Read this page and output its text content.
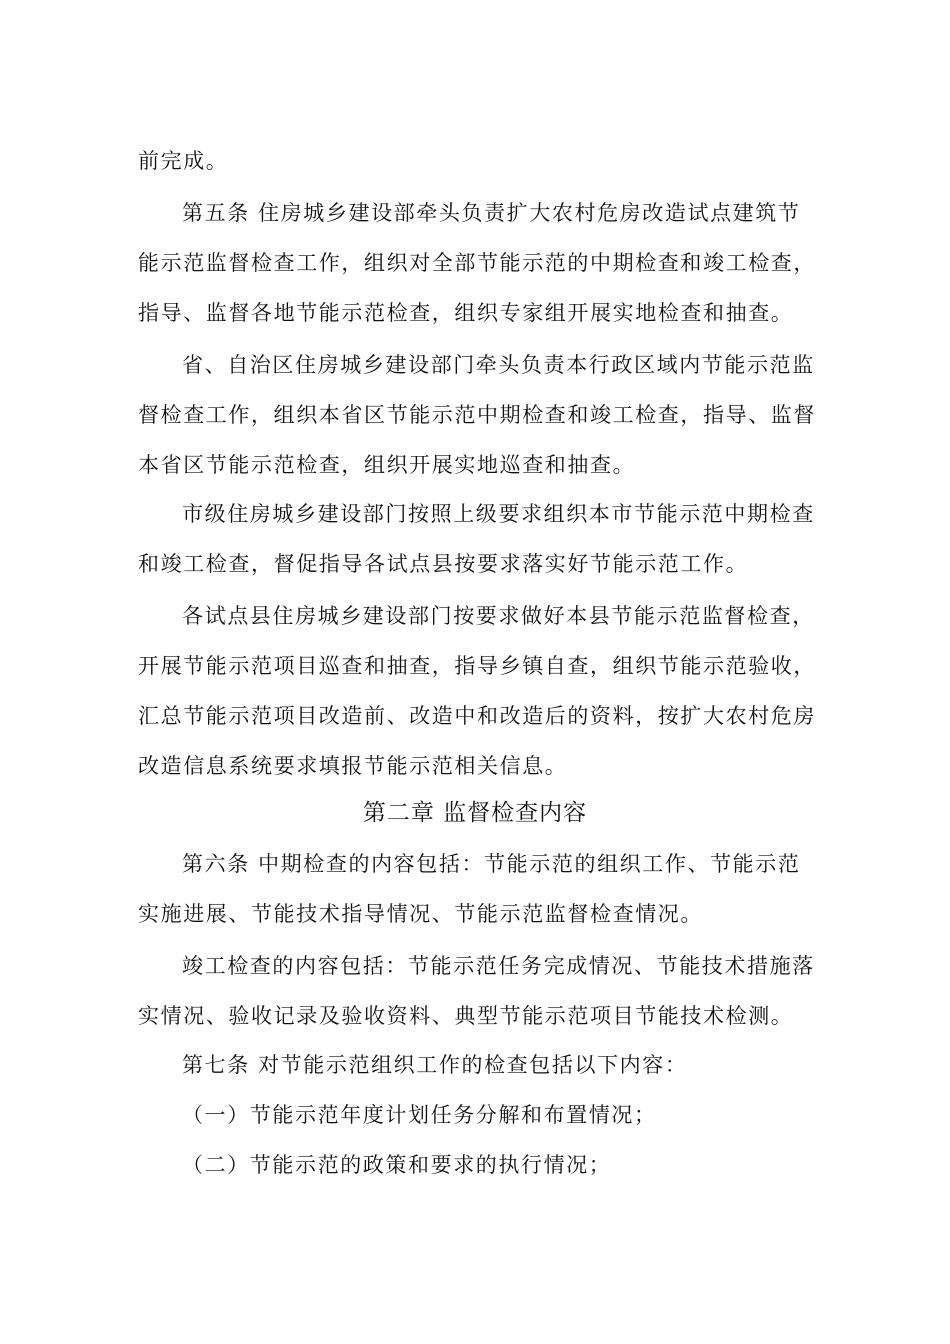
前完成。
第五条 住房城乡建设部牵头负责扩大农村危房改造试点建筑节
能示范监督检查工作，组织对全部节能示范的中期检查和竣工检查，
指导、监督各地节能示范检查，组织专家组开展实地检查和抽查。
省、自治区住房城乡建设部门牵头负责本行政区域内节能示范监
督检查工作，组织本省区节能示范中期检查和竣工检查，指导、监督
本省区节能示范检查，组织开展实地巡查和抽查。
市级住房城乡建设部门按照上级要求组织本市节能示范中期检查
和竣工检查，督促指导各试点县按要求落实好节能示范工作。
各试点县住房城乡建设部门按要求做好本县节能示范监督检查，
开展节能示范项目巡查和抽查，指导乡镇自查，组织节能示范验收，
汇总节能示范项目改造前、改造中和改造后的资料，按扩大农村危房
改造信息系统要求填报节能示范相关信息。
第二章 监督检查内容
第六条 中期检查的内容包括：节能示范的组织工作、节能示范
实施进展、节能技术指导情况、节能示范监督检查情况。
竣工检查的内容包括：节能示范任务完成情况、节能技术措施落
实情况、验收记录及验收资料、典型节能示范项目节能技术检测。
第七条 对节能示范组织工作的检查包括以下内容：
（一）节能示范年度计划任务分解和布置情况；
（二）节能示范的政策和要求的执行情况；
